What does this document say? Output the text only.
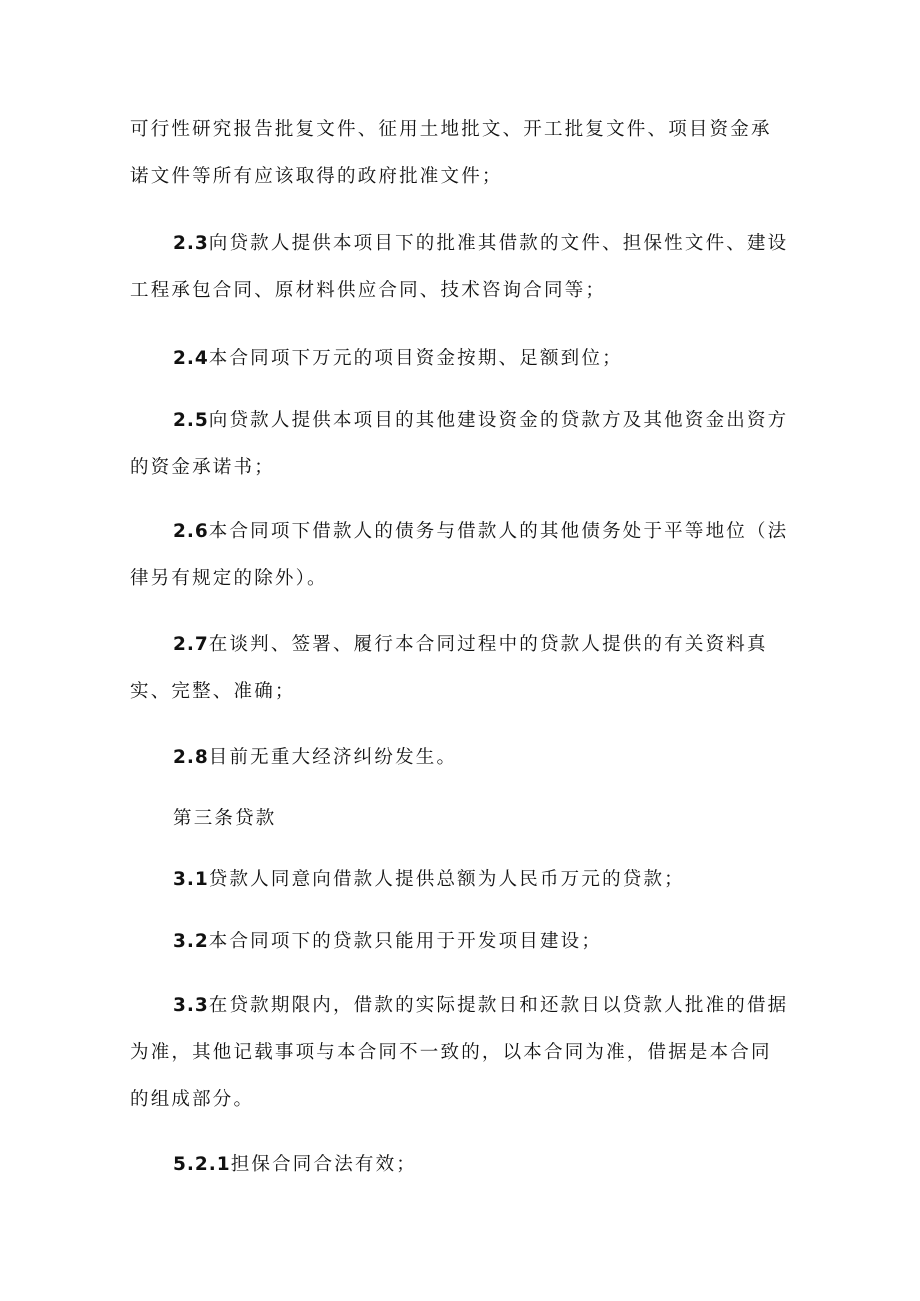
可行性研究报告批复文件、征用土地批文、开工批复文件、项目资金承诺文件等所有应该取得的政府批准文件；

2.3向贷款人提供本项目下的批准其借款的文件、担保性文件、建设工程承包合同、原材料供应合同、技术咨询合同等；

2.4本合同项下万元的项目资金按期、足额到位；

2.5向贷款人提供本项目的其他建设资金的贷款方及其他资金出资方的资金承诺书；

2.6本合同项下借款人的债务与借款人的其他债务处于平等地位（法律另有规定的除外）。

2.7在谈判、签署、履行本合同过程中的贷款人提供的有关资料真实、完整、准确；

2.8目前无重大经济纠纷发生。

第三条贷款

3.1贷款人同意向借款人提供总额为人民币万元的贷款；

3.2本合同项下的贷款只能用于开发项目建设；

3.3在贷款期限内，借款的实际提款日和还款日以贷款人批准的借据为准，其他记载事项与本合同不一致的，以本合同为准，借据是本合同的组成部分。

5.2.1担保合同合法有效；
